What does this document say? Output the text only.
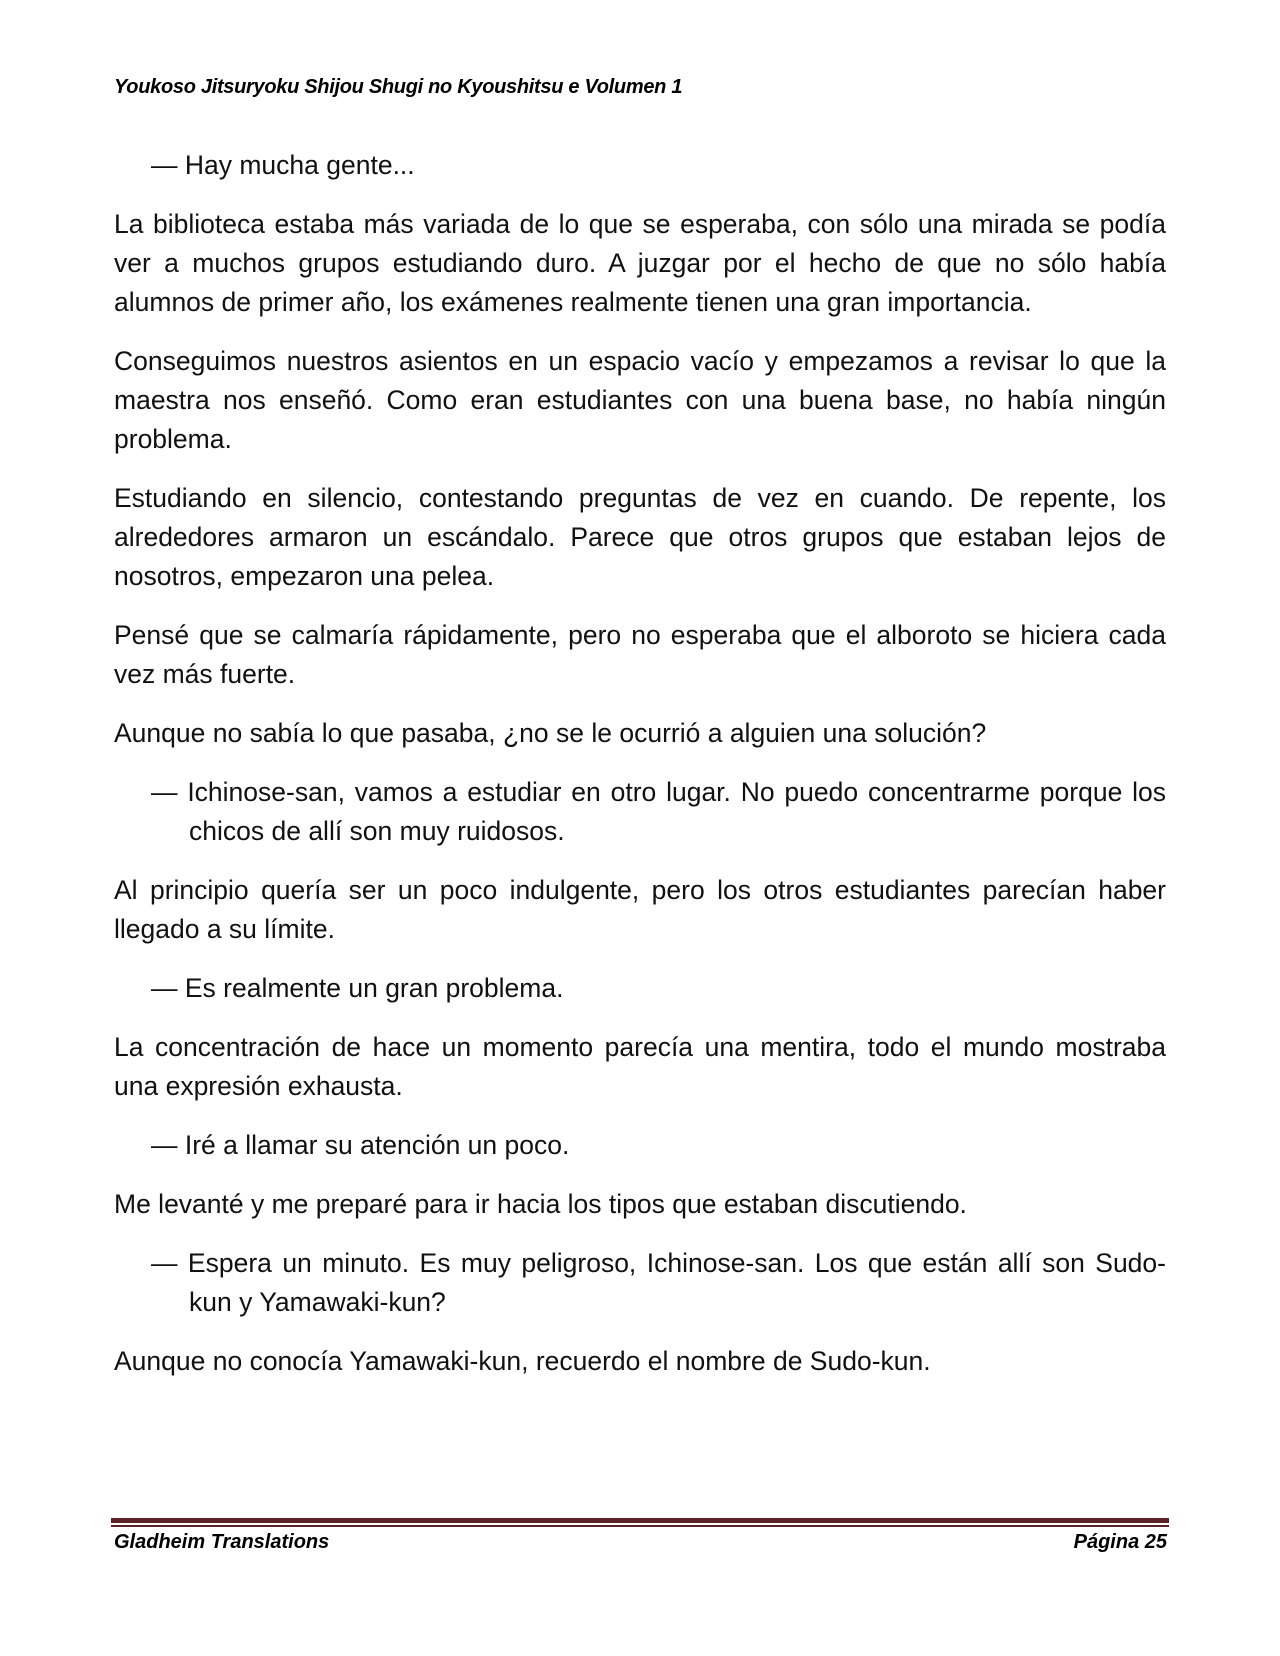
Youkoso Jitsuryoku Shijou Shugi no Kyoushitsu e Volumen 1

— Hay mucha gente...

La biblioteca estaba más variada de lo que se esperaba, con sólo una mirada se podía ver a muchos grupos estudiando duro. A juzgar por el hecho de que no sólo había alumnos de primer año, los exámenes realmente tienen una gran importancia.

Conseguimos nuestros asientos en un espacio vacío y empezamos a revisar lo que la maestra nos enseñó. Como eran estudiantes con una buena base, no había ningún problema.

Estudiando en silencio, contestando preguntas de vez en cuando. De repente, los alrededores armaron un escándalo. Parece que otros grupos que estaban lejos de nosotros, empezaron una pelea.

Pensé que se calmaría rápidamente, pero no esperaba que el alboroto se hiciera cada vez más fuerte.

Aunque no sabía lo que pasaba, ¿no se le ocurrió a alguien una solución?

— Ichinose-san, vamos a estudiar en otro lugar. No puedo concentrarme porque los chicos de allí son muy ruidosos.

Al principio quería ser un poco indulgente, pero los otros estudiantes parecían haber llegado a su límite.

— Es realmente un gran problema.

La concentración de hace un momento parecía una mentira, todo el mundo mostraba una expresión exhausta.

— Iré a llamar su atención un poco.

Me levanté y me preparé para ir hacia los tipos que estaban discutiendo.

— Espera un minuto. Es muy peligroso, Ichinose-san. Los que están allí son Sudo-kun y Yamawaki-kun?

Aunque no conocía Yamawaki-kun, recuerdo el nombre de Sudo-kun.

Gladheim Translations	Página 25
